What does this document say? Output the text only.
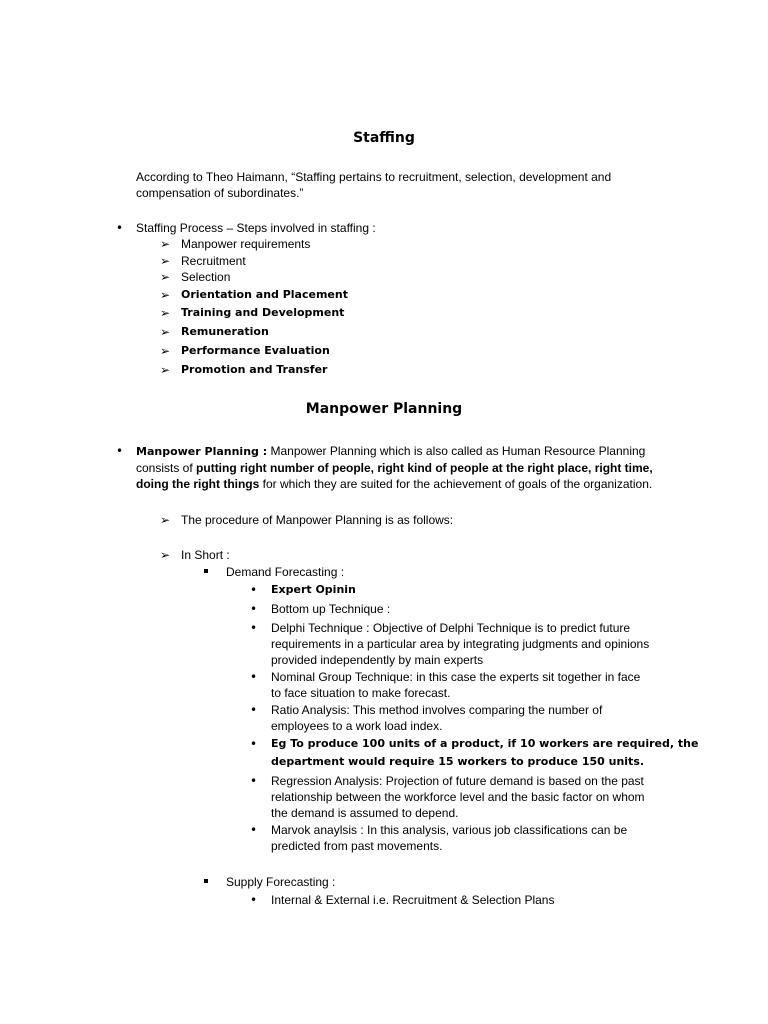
Staffing
According to Theo Haimann, “Staffing pertains to recruitment, selection, development and
compensation of subordinates.”
• Staffing Process – Steps involved in staffing :
➢ Manpower requirements
➢ Recruitment
➢ Selection
➢ Orientation and Placement
➢ Training and Development
➢ Remuneration
➢ Performance Evaluation
➢ Promotion and Transfer
Manpower Planning
• Manpower Planning : Manpower Planning which is also called as Human Resource Planning
consists of putting right number of people, right kind of people at the right place, right time,
doing the right things for which they are suited for the achievement of goals of the organization.
➢ The procedure of Manpower Planning is as follows:
➢ In Short :
Demand Forecasting :
• Expert Opinin
• Bottom up Technique :
• Delphi Technique : Objective of Delphi Technique is to predict future
requirements in a particular area by integrating judgments and opinions
provided independently by main experts
• Nominal Group Technique: in this case the experts sit together in face
to face situation to make forecast.
• Ratio Analysis: This method involves comparing the number of
employees to a work load index.
• Eg To produce 100 units of a product, if 10 workers are required, the
department would require 15 workers to produce 150 units.
• Regression Analysis: Projection of future demand is based on the past
relationship between the workforce level and the basic factor on whom
the demand is assumed to depend.
• Marvok anaylsis : In this analysis, various job classifications can be
predicted from past movements.
Supply Forecasting :
• Internal & External i.e. Recruitment & Selection Plans
